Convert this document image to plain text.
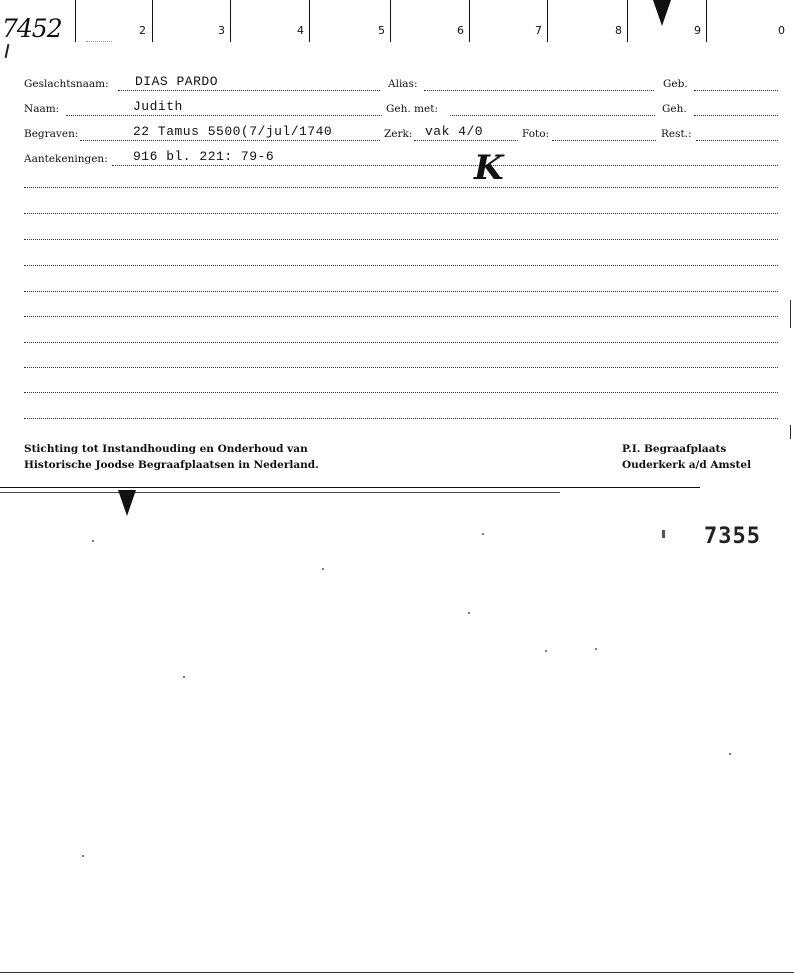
2	3	4	5	6	7	8	9	0
7452
Geslachtsnaam: DIAS PARDO	Alias:	Geb.
Naam:	Judith	Geh. met:	Geh.
Begraven:	22 Tamus 5500(7/jul/1740	Zerk: vak 4/0	Foto:	Rest.:
Aantekeningen: 916 bl. 221: 79-6	K
Stichting tot Instandhouding en Onderhoud van
Historische Joodse Begraafplaatsen in Nederland.
P.I. Begraafplaats
Ouderkerk a/d Amstel
7355
